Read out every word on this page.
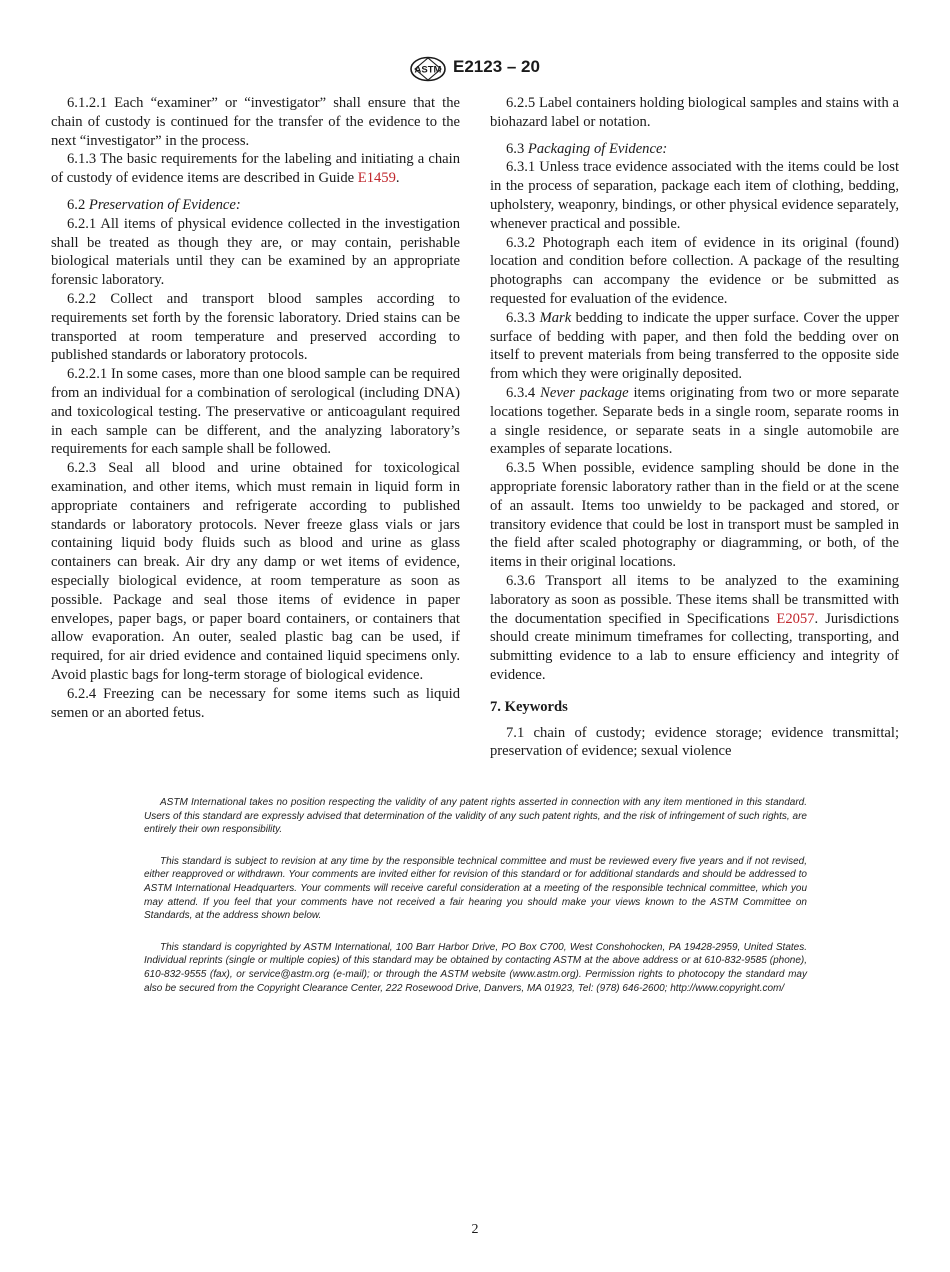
ASTM E2123 – 20

6.1.2.1 Each “examiner” or “investigator” shall ensure that the chain of custody is continued for the transfer of the evidence to the next “investigator” in the process.

6.1.3 The basic requirements for the labeling and initiating a chain of custody of evidence items are described in Guide E1459.

6.2 Preservation of Evidence:

6.2.1 All items of physical evidence collected in the investigation shall be treated as though they are, or may contain, perishable biological materials until they can be examined by an appropriate forensic laboratory.

6.2.2 Collect and transport blood samples according to requirements set forth by the forensic laboratory. Dried stains can be transported at room temperature and preserved according to published standards or laboratory protocols.

6.2.2.1 In some cases, more than one blood sample can be required from an individual for a combination of serological (including DNA) and toxicological testing. The preservative or anticoagulant required in each sample can be different, and the analyzing laboratory’s requirements for each sample shall be followed.

6.2.3 Seal all blood and urine obtained for toxicological examination, and other items, which must remain in liquid form in appropriate containers and refrigerate according to published standards or laboratory protocols. Never freeze glass vials or jars containing liquid body fluids such as blood and urine as glass containers can break. Air dry any damp or wet items of evidence, especially biological evidence, at room temperature as soon as possible. Package and seal those items of evidence in paper envelopes, paper bags, or paper board containers, or containers that allow evaporation. An outer, sealed plastic bag can be used, if required, for air dried evidence and contained liquid specimens only. Avoid plastic bags for long-term storage of biological evidence.

6.2.4 Freezing can be necessary for some items such as liquid semen or an aborted fetus.

6.2.5 Label containers holding biological samples and stains with a biohazard label or notation.

6.3 Packaging of Evidence:

6.3.1 Unless trace evidence associated with the items could be lost in the process of separation, package each item of clothing, bedding, upholstery, weaponry, bindings, or other physical evidence separately, whenever practical and possible.

6.3.2 Photograph each item of evidence in its original (found) location and condition before collection. A package of the resulting photographs can accompany the evidence or be submitted as requested for evaluation of the evidence.

6.3.3 Mark bedding to indicate the upper surface. Cover the upper surface of bedding with paper, and then fold the bedding over on itself to prevent materials from being transferred to the opposite side from which they were originally deposited.

6.3.4 Never package items originating from two or more separate locations together. Separate beds in a single room, separate rooms in a single residence, or separate seats in a single automobile are examples of separate locations.

6.3.5 When possible, evidence sampling should be done in the appropriate forensic laboratory rather than in the field or at the scene of an assault. Items too unwieldy to be packaged and stored, or transitory evidence that could be lost in transport must be sampled in the field after scaled photography or diagramming, or both, of the items in their original locations.

6.3.6 Transport all items to be analyzed to the examining laboratory as soon as possible. These items shall be transmitted with the documentation specified in Specifications E2057. Jurisdictions should create minimum timeframes for collecting, transporting, and submitting evidence to a lab to ensure efficiency and integrity of evidence.

7. Keywords

7.1 chain of custody; evidence storage; evidence transmittal; preservation of evidence; sexual violence

ASTM International takes no position respecting the validity of any patent rights asserted in connection with any item mentioned in this standard. Users of this standard are expressly advised that determination of the validity of any such patent rights, and the risk of infringement of such rights, are entirely their own responsibility.

This standard is subject to revision at any time by the responsible technical committee and must be reviewed every five years and if not revised, either reapproved or withdrawn. Your comments are invited either for revision of this standard or for additional standards and should be addressed to ASTM International Headquarters. Your comments will receive careful consideration at a meeting of the responsible technical committee, which you may attend. If you feel that your comments have not received a fair hearing you should make your views known to the ASTM Committee on Standards, at the address shown below.

This standard is copyrighted by ASTM International, 100 Barr Harbor Drive, PO Box C700, West Conshohocken, PA 19428-2959, United States. Individual reprints (single or multiple copies) of this standard may be obtained by contacting ASTM at the above address or at 610-832-9585 (phone), 610-832-9555 (fax), or service@astm.org (e-mail); or through the ASTM website (www.astm.org). Permission rights to photocopy the standard may also be secured from the Copyright Clearance Center, 222 Rosewood Drive, Danvers, MA 01923, Tel: (978) 646-2600; http://www.copyright.com/

2
